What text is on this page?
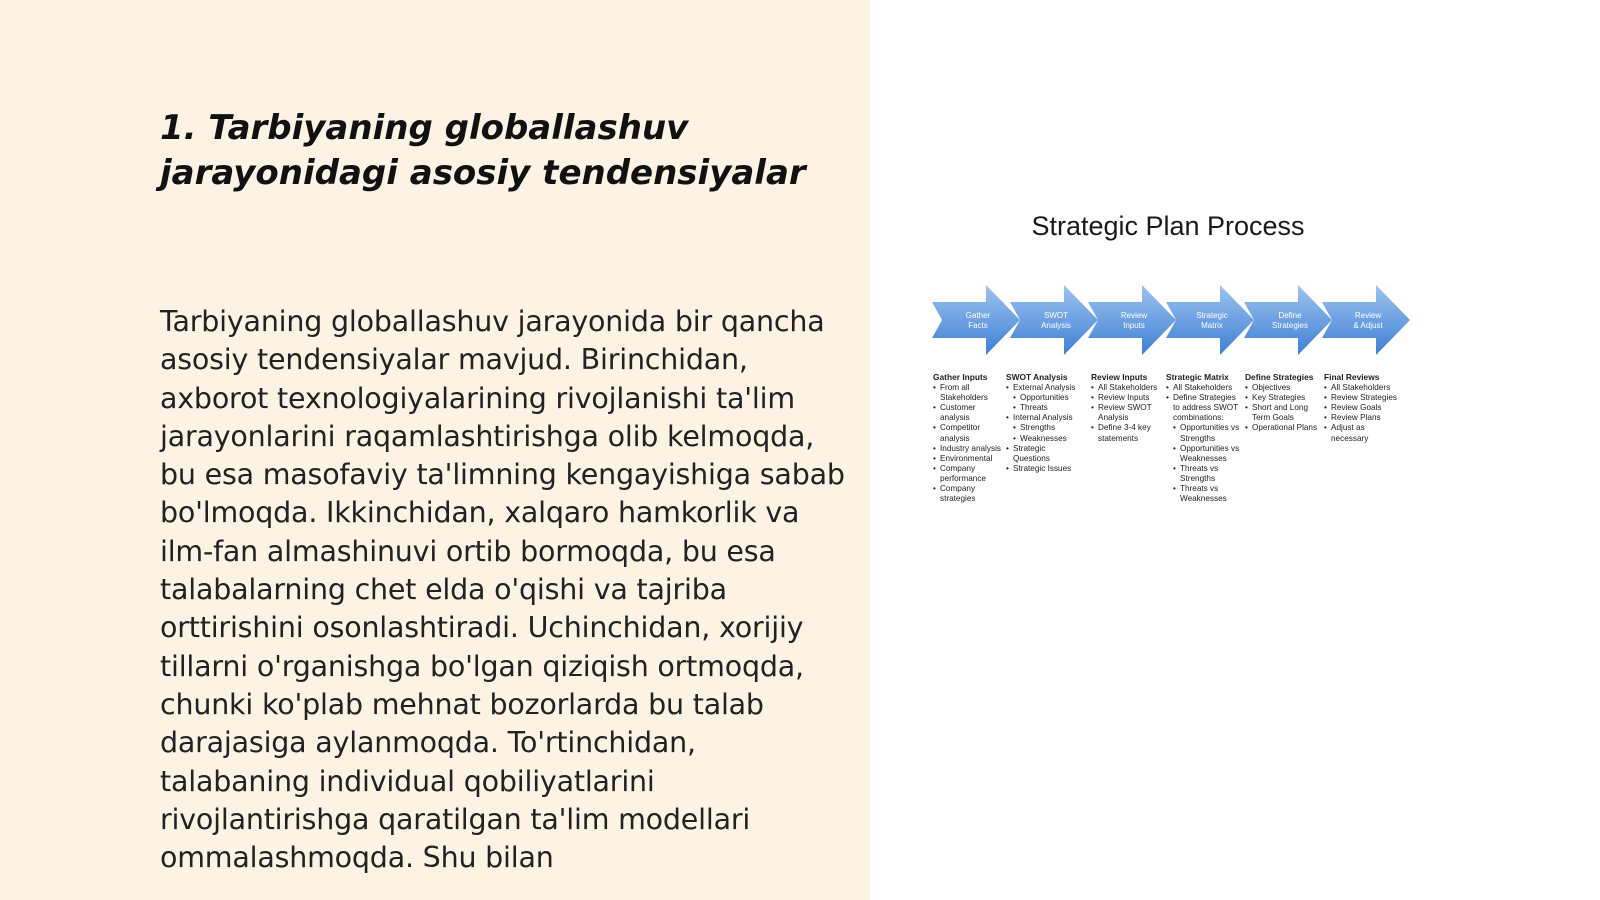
1. Tarbiyaning globallashuv jarayonidagi asosiy tendensiyalar

Tarbiyaning globallashuv jarayonida bir qancha asosiy tendensiyalar mavjud. Birinchidan, axborot texnologiyalarining rivojlanishi ta'lim jarayonlarini raqamlashtirishga olib kelmoqda, bu esa masofaviy ta'limning kengayishiga sabab bo'lmoqda. Ikkinchidan, xalqaro hamkorlik va ilm-fan almashinuvi ortib bormoqda, bu esa talabalarning chet elda o'qishi va tajriba orttirishini osonlashtiradi. Uchinchidan, xorijiy tillarni o'rganishga bo'lgan qiziqish ortmoqda, chunki ko'plab mehnat bozorlarda bu talab darajasiga aylanmoqda. To'rtinchidan, talabaning individual qobiliyatlarini rivojlantirishga qaratilgan ta'lim modellari ommalashmoqda. Shu bilan

Strategic Plan Process
Gather
Facts
SWOT
Analysis
Review
Inputs
Strategic
Matrix
Define
Strategies
Review
& Adjust
Gather Inputs
• From all
Stakeholders
• Customer
analysis
• Competitor
analysis
• Industry analysis
• Environmental
• Company
performance
• Company
strategies
SWOT Analysis
• External Analysis
• Opportunities
• Threats
• Internal Analysis
• Strengths
• Weaknesses
• Strategic
Questions
• Strategic Issues
Review Inputs
• All Stakeholders
• Review Inputs
• Review SWOT
Analysis
• Define 3-4 key
statements
Strategic Matrix
• All Stakeholders
• Define Strategies
to address SWOT
combinations:
• Opportunities vs
Strengths
• Opportunities vs
Weaknesses
• Threats vs
Strengths
• Threats vs
Weaknesses
Define Strategies
• Objectives
• Key Strategies
• Short and Long
Term Goals
• Operational Plans
Final Reviews
• All Stakeholders
• Review Strategies
• Review Goals
• Review Plans
• Adjust as
necessary
